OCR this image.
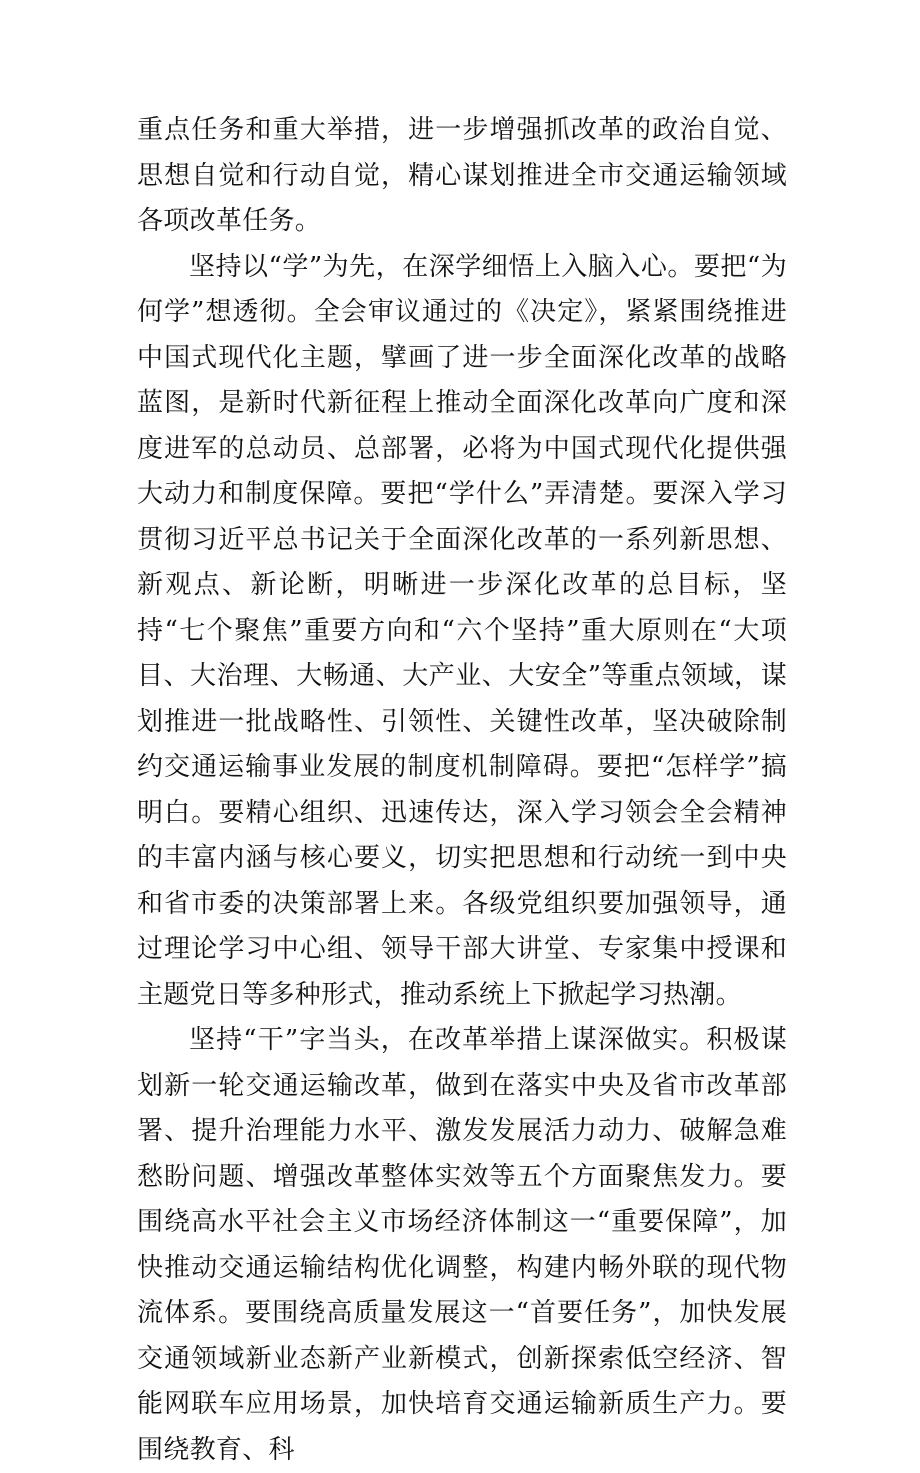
重点任务和重大举措，进一步增强抓改革的政治自觉、思想自觉和行动自觉，精心谋划推进全市交通运输领域各项改革任务。

坚持以“学”为先，在深学细悟上入脑入心。要把“为何学”想透彻。全会审议通过的《决定》，紧紧围绕推进中国式现代化主题，擘画了进一步全面深化改革的战略蓝图，是新时代新征程上推动全面深化改革向广度和深度进军的总动员、总部署，必将为中国式现代化提供强大动力和制度保障。要把“学什么”弄清楚。要深入学习贯彻习近平总书记关于全面深化改革的一系列新思想、新观点、新论断，明晰进一步深化改革的总目标，坚持“七个聚焦”重要方向和“六个坚持”重大原则在“大项目、大治理、大畅通、大产业、大安全”等重点领域，谋划推进一批战略性、引领性、关键性改革，坚决破除制约交通运输事业发展的制度机制障碍。要把“怎样学”搞明白。要精心组织、迅速传达，深入学习领会全会精神的丰富内涵与核心要义，切实把思想和行动统一到中央和省市委的决策部署上来。各级党组织要加强领导，通过理论学习中心组、领导干部大讲堂、专家集中授课和主题党日等多种形式，推动系统上下掀起学习热潮。

坚持“干”字当头，在改革举措上谋深做实。积极谋划新一轮交通运输改革，做到在落实中央及省市改革部署、提升治理能力水平、激发发展活力动力、破解急难愁盼问题、增强改革整体实效等五个方面聚焦发力。要围绕高水平社会主义市场经济体制这一“重要保障”，加快推动交通运输结构优化调整，构建内畅外联的现代物流体系。要围绕高质量发展这一“首要任务”，加快发展交通领域新业态新产业新模式，创新探索低空经济、智能网联车应用场景，加快培育交通运输新质生产力。要围绕教育、科
